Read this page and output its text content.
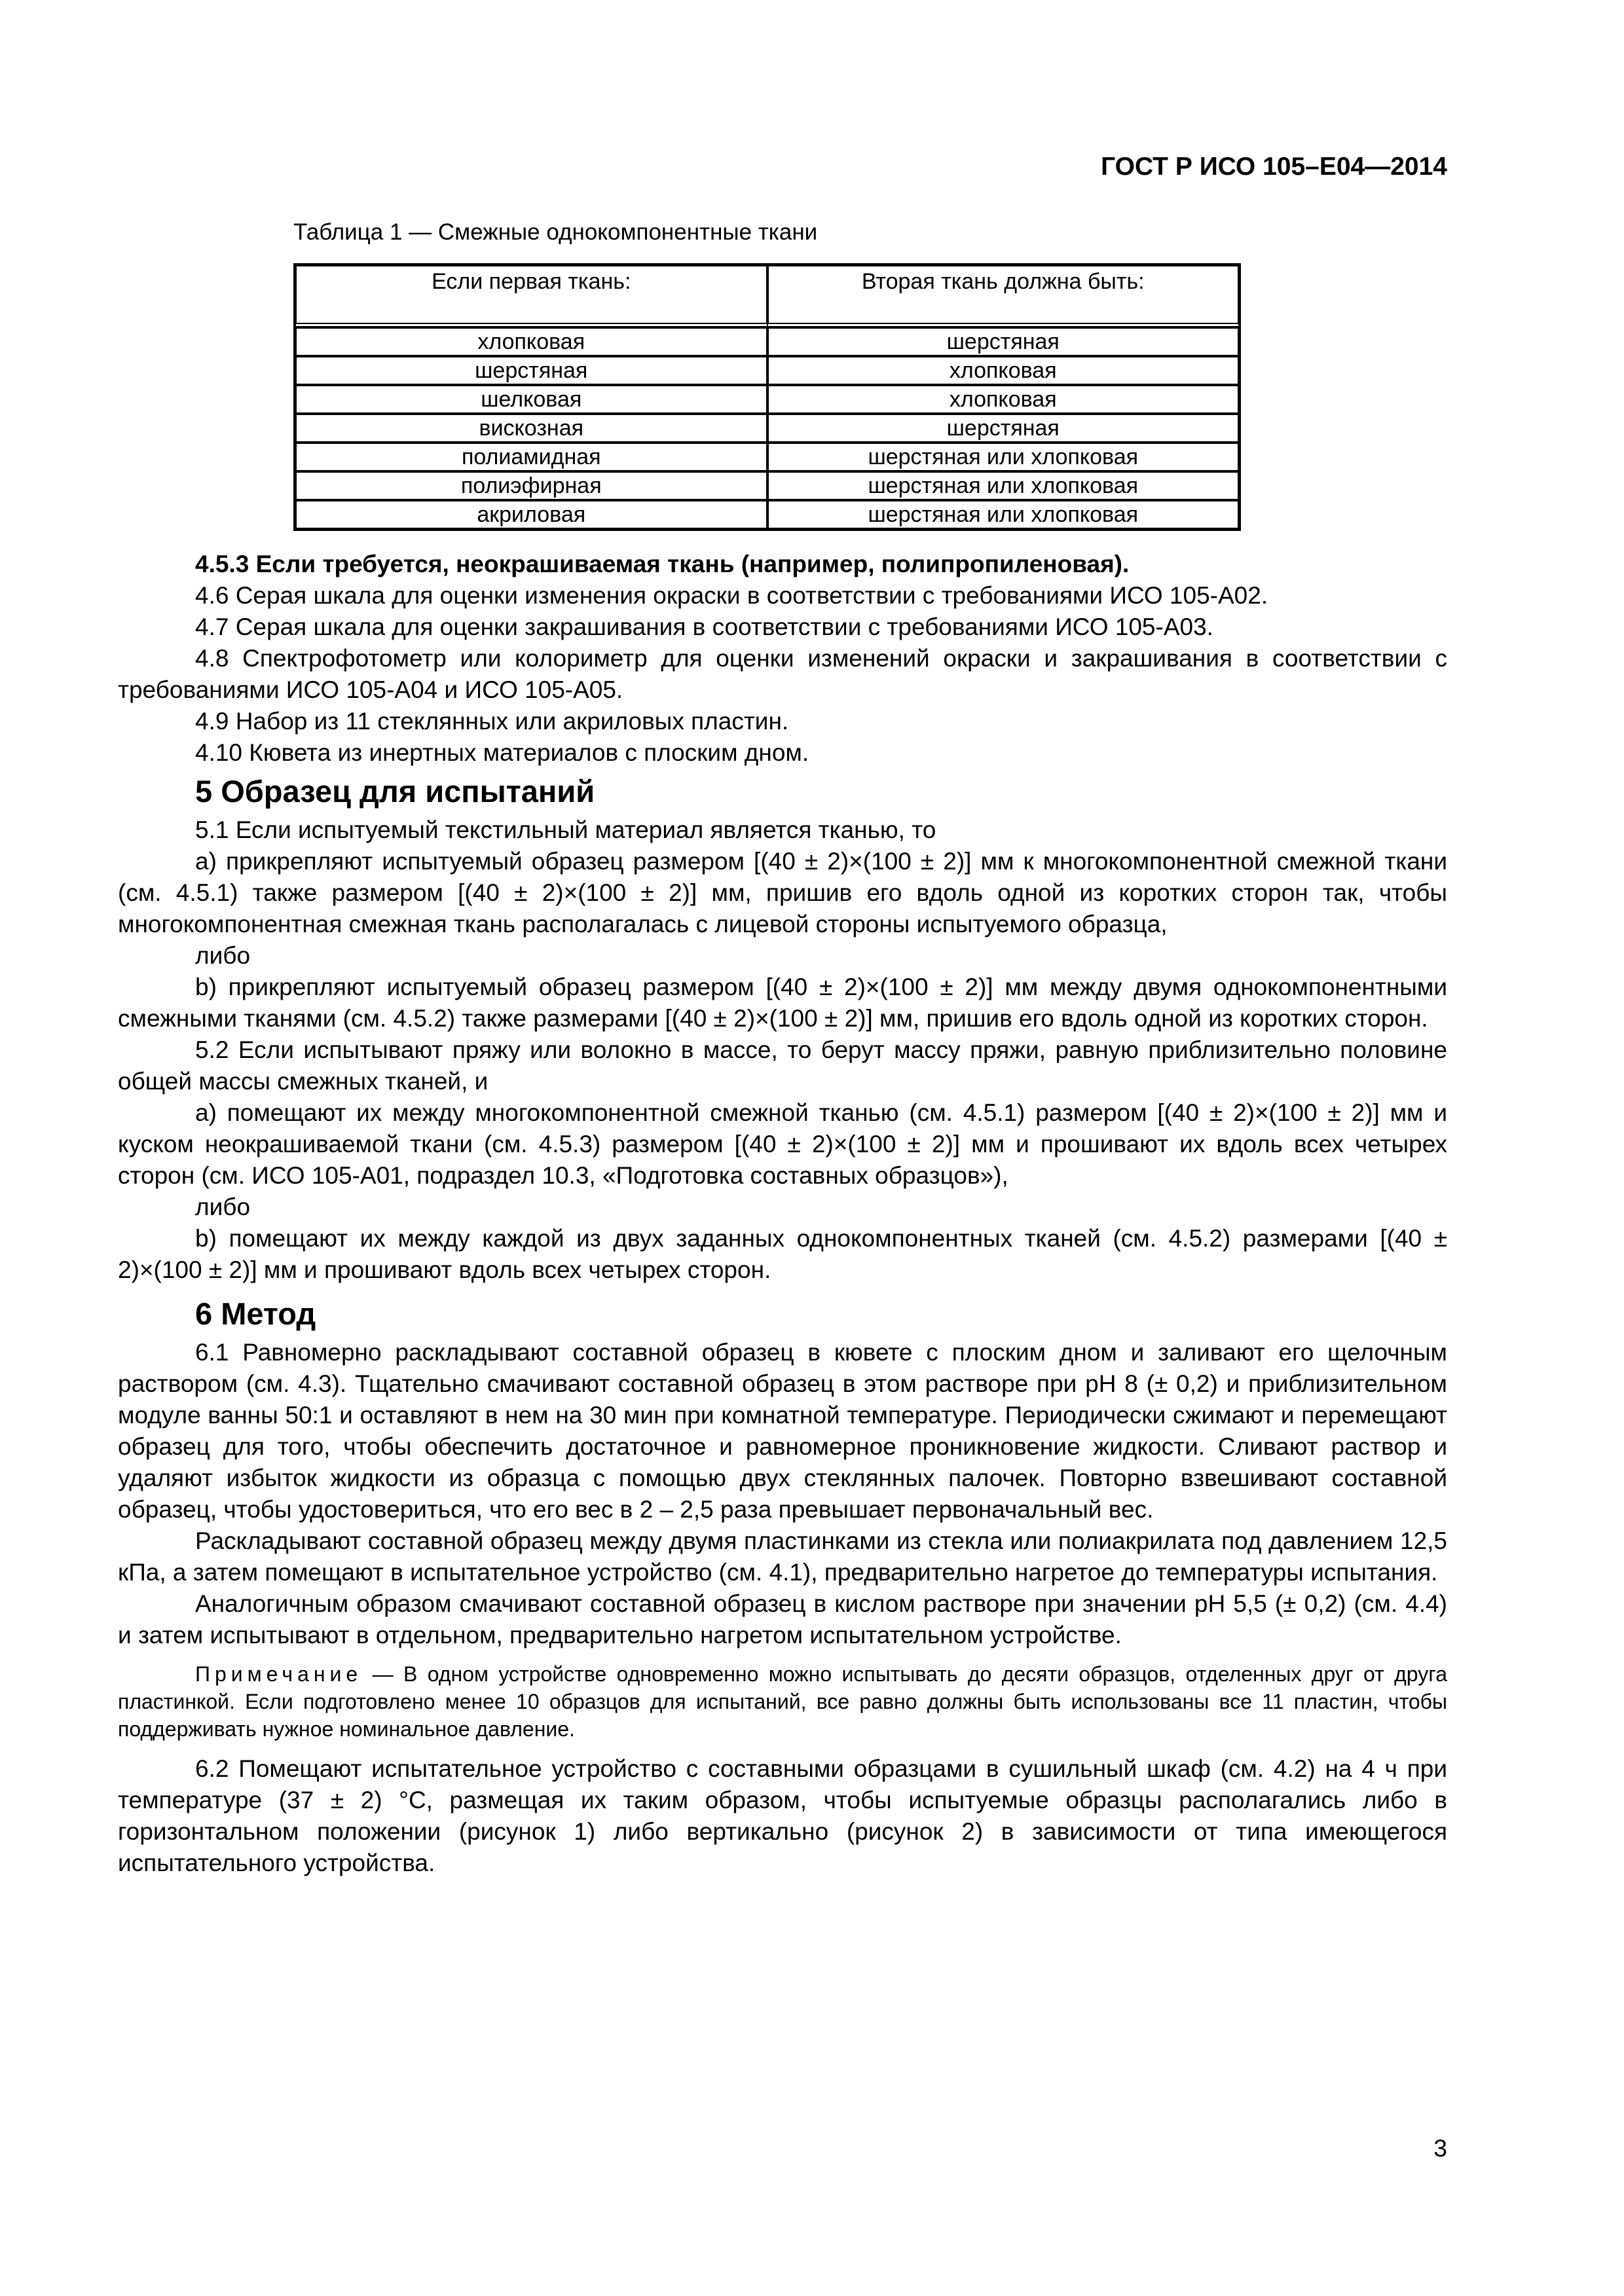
ГОСТ Р ИСО 105–Е04—2014
Таблица 1 — Смежные однокомпонентные ткани
Если первая ткань:	Вторая ткань должна быть:
хлопковая	шерстяная
шерстяная	хлопковая
шелковая	хлопковая
вискозная	шерстяная
полиамидная	шерстяная или хлопковая
полиэфирная	шерстяная или хлопковая
акриловая	шерстяная или хлопковая

4.5.3 Если требуется, неокрашиваемая ткань (например, полипропиленовая).

4.6 Серая шкала для оценки изменения окраски в соответствии с требованиями ИСО 105-А02.

4.7 Серая шкала для оценки закрашивания в соответствии с требованиями ИСО 105-А03.

4.8 Спектрофотометр или колориметр для оценки изменений окраски и закрашивания в соответствии с требованиями ИСО 105-А04 и ИСО 105-А05.

4.9 Набор из 11 стеклянных или акриловых пластин.

4.10 Кювета из инертных материалов с плоским дном.

5 Образец для испытаний

5.1 Если испытуемый текстильный материал является тканью, то

а) прикрепляют испытуемый образец размером [(40 ± 2)×(100 ± 2)] мм к многокомпонентной смежной ткани (см. 4.5.1) также размером [(40 ± 2)×(100 ± 2)] мм, пришив его вдоль одной из коротких сторон так, чтобы многокомпонентная смежная ткань располагалась с лицевой стороны испытуемого образца,

либо

b) прикрепляют испытуемый образец размером [(40 ± 2)×(100 ± 2)] мм между двумя однокомпонентными смежными тканями (см. 4.5.2) также размерами [(40 ± 2)×(100 ± 2)] мм, пришив его вдоль одной из коротких сторон.

5.2 Если испытывают пряжу или волокно в массе, то берут массу пряжи, равную приблизительно половине общей массы смежных тканей, и

а) помещают их между многокомпонентной смежной тканью (см. 4.5.1) размером [(40 ± 2)×(100 ± 2)] мм и куском неокрашиваемой ткани (см. 4.5.3) размером [(40 ± 2)×(100 ± 2)] мм и прошивают их вдоль всех четырех сторон (см. ИСО 105-А01, подраздел 10.3, «Подготовка составных образцов»),

либо

b) помещают их между каждой из двух заданных однокомпонентных тканей (см. 4.5.2) размерами [(40 ± 2)×(100 ± 2)] мм и прошивают вдоль всех четырех сторон.

6 Метод

6.1 Равномерно раскладывают составной образец в кювете с плоским дном и заливают его щелочным раствором (см. 4.3). Тщательно смачивают составной образец в этом растворе при pH 8 (± 0,2) и приблизительном модуле ванны 50:1 и оставляют в нем на 30 мин при комнатной температуре. Периодически сжимают и перемещают образец для того, чтобы обеспечить достаточное и равномерное проникновение жидкости. Сливают раствор и удаляют избыток жидкости из образца с помощью двух стеклянных палочек. Повторно взвешивают составной образец, чтобы удостовериться, что его вес в 2 – 2,5 раза превышает первоначальный вес.

Раскладывают составной образец между двумя пластинками из стекла или полиакрилата под давлением 12,5 кПа, а затем помещают в испытательное устройство (см. 4.1), предварительно нагретое до температуры испытания.

Аналогичным образом смачивают составной образец в кислом растворе при значении pH 5,5 (± 0,2) (см. 4.4) и затем испытывают в отдельном, предварительно нагретом испытательном устройстве.

Примечание — В одном устройстве одновременно можно испытывать до десяти образцов, отделенных друг от друга пластинкой. Если подготовлено менее 10 образцов для испытаний, все равно должны быть использованы все 11 пластин, чтобы поддерживать нужное номинальное давление.

6.2 Помещают испытательное устройство с составными образцами в сушильный шкаф (см. 4.2) на 4 ч при температуре (37 ± 2) °С, размещая их таким образом, чтобы испытуемые образцы располагались либо в горизонтальном положении (рисунок 1) либо вертикально (рисунок 2) в зависимости от типа имеющегося испытательного устройства.

3
